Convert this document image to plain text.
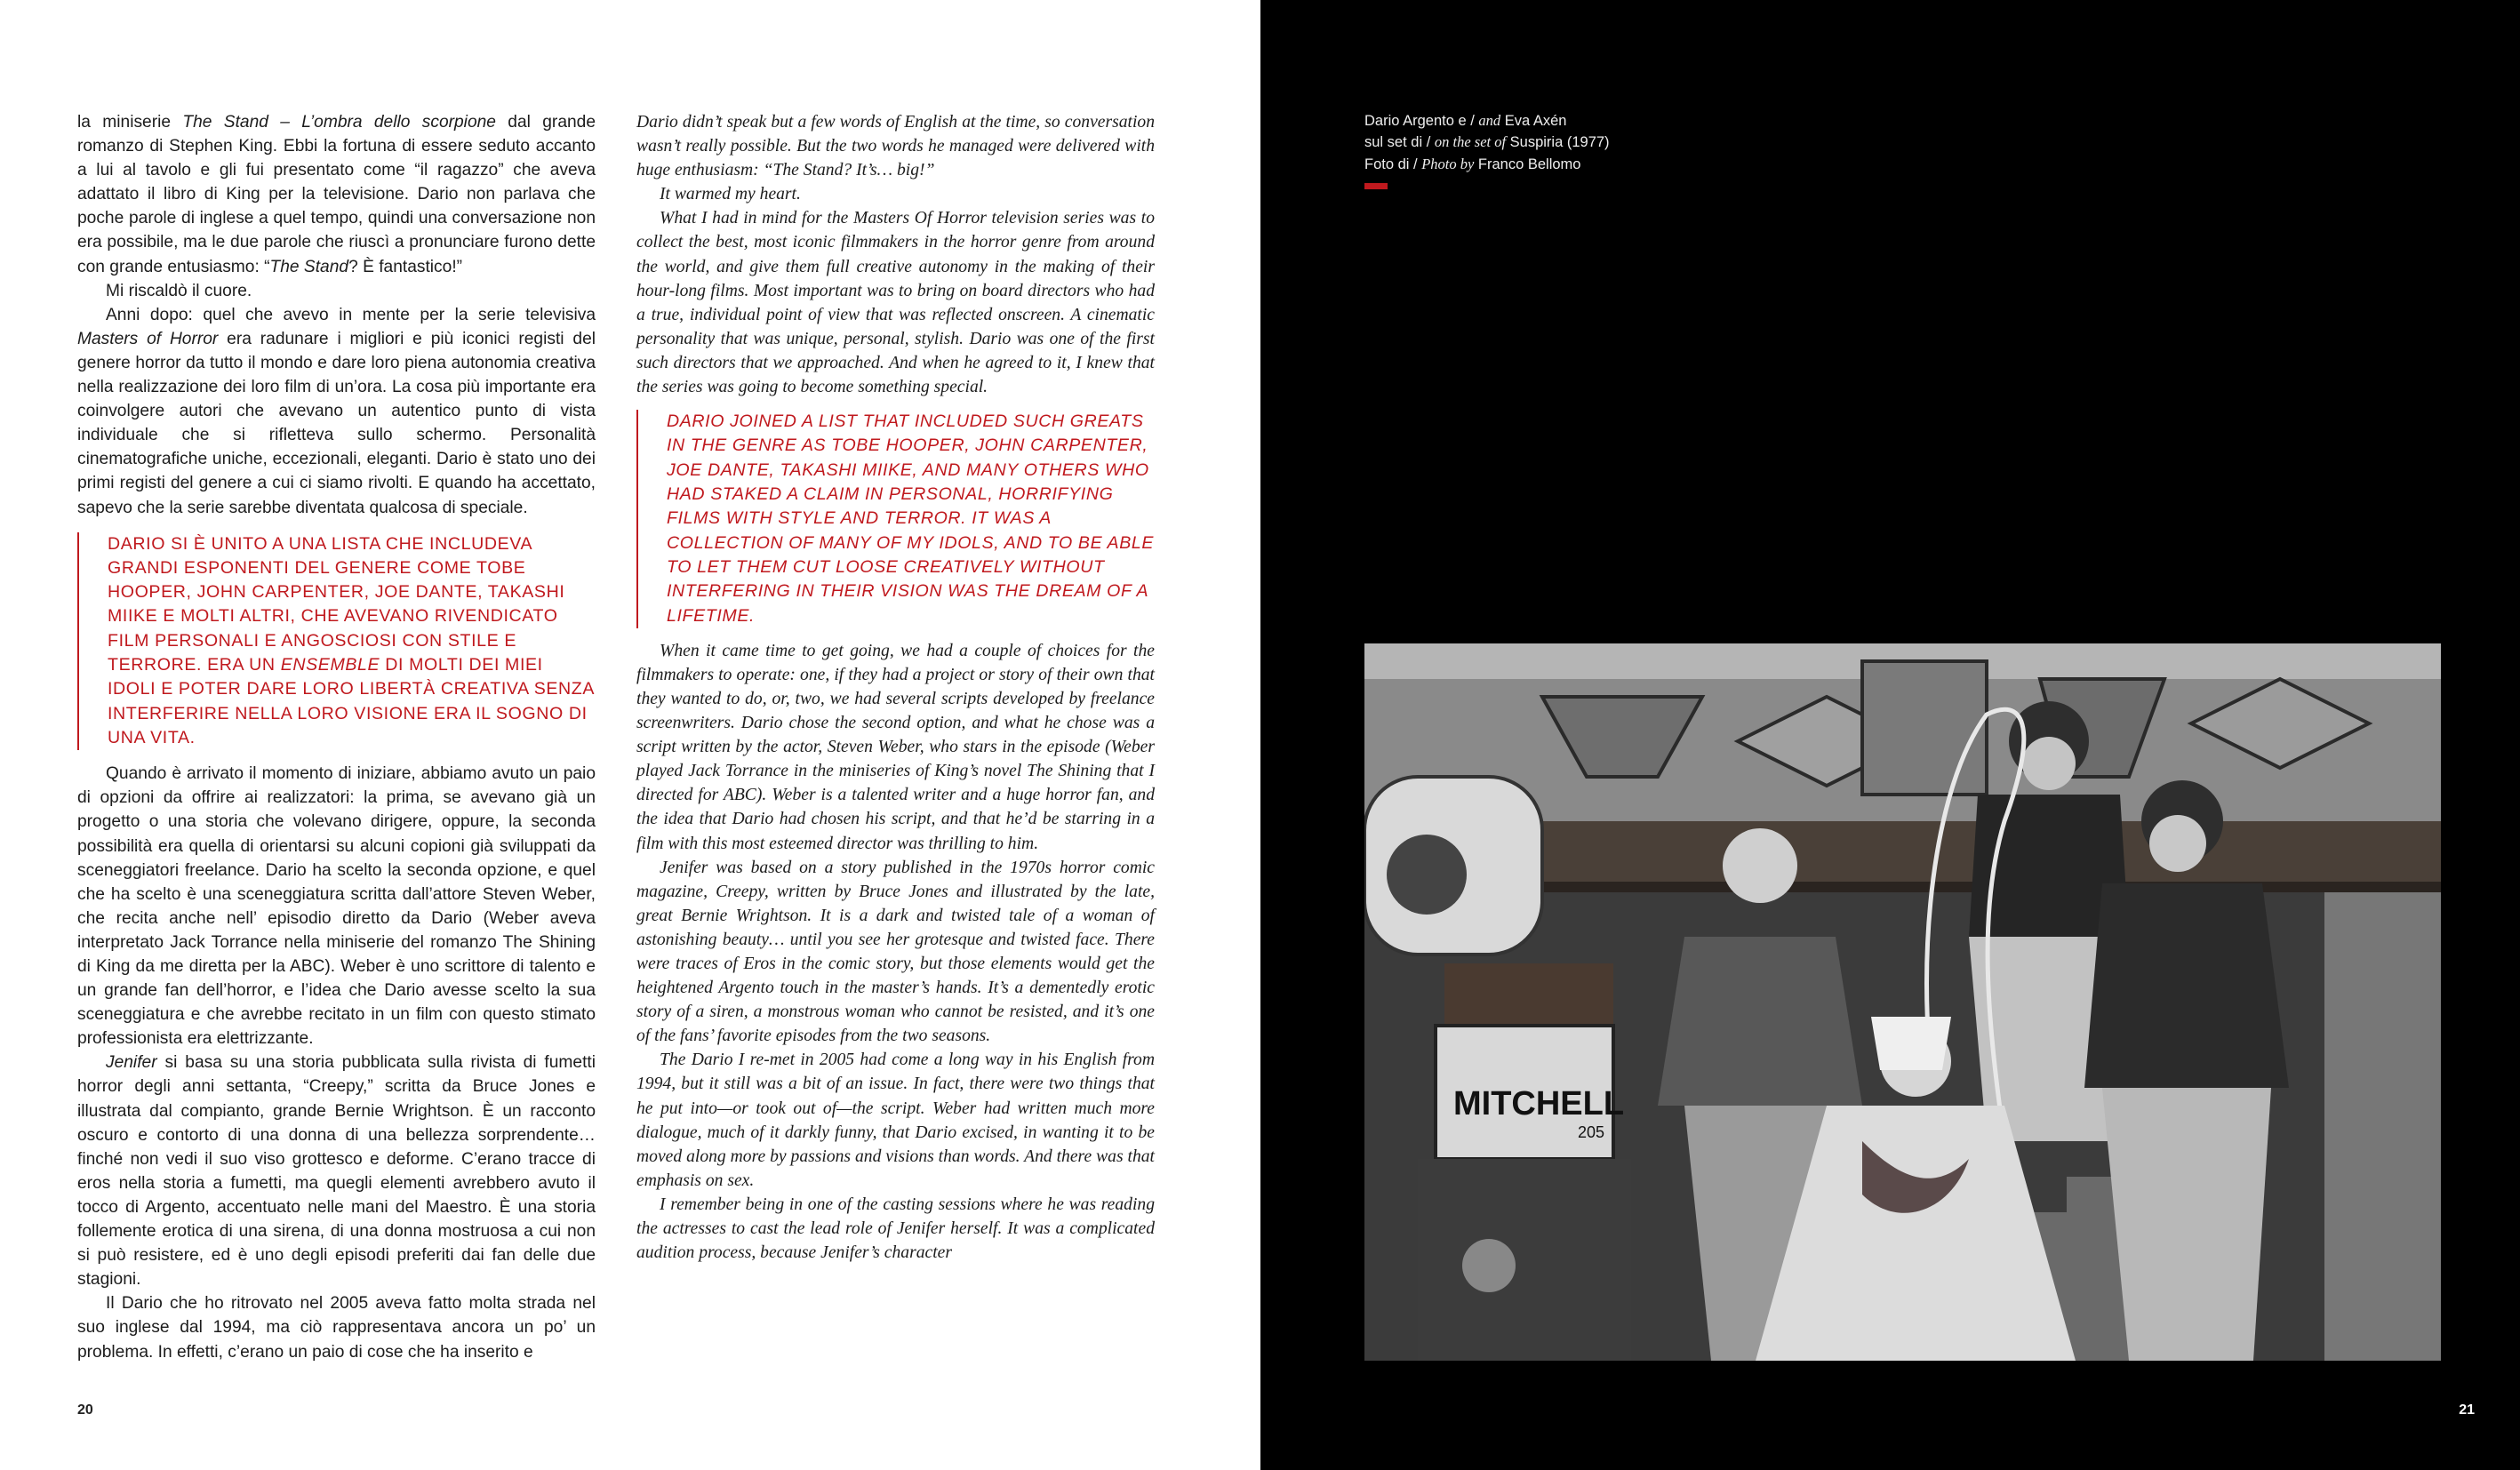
la miniserie The Stand – L’ombra dello scorpione dal grande romanzo di Stephen King. Ebbi la fortuna di essere seduto accanto a lui al tavolo e gli fui presentato come “il ragazzo” che aveva adattato il libro di King per la televisione. Dario non parlava che poche parole di inglese a quel tempo, quindi una conversazione non era possibile, ma le due parole che riuscì a pronunciare furono dette con grande entusiasmo: “The Stand? È fantastico!”

Mi riscaldò il cuore.

Anni dopo: quel che avevo in mente per la serie televisiva Masters of Horror era radunare i migliori e più iconici registi del genere horror da tutto il mondo e dare loro piena autonomia creativa nella realizzazione dei loro film di un’ora. La cosa più importante era coinvolgere autori che avevano un autentico punto di vista individuale che si rifletteva sullo schermo. Personalità cinematografiche uniche, eccezionali, eleganti. Dario è stato uno dei primi registi del genere a cui ci siamo rivolti. E quando ha accettato, sapevo che la serie sarebbe diventata qualcosa di speciale.

DARIO SI È UNITO A UNA LISTA CHE INCLUDEVA GRANDI ESPONENTI DEL GENERE COME TOBE HOOPER, JOHN CARPENTER, JOE DANTE, TAKASHI MIIKE E MOLTI ALTRI, CHE AVEVANO RIVENDICATO FILM PERSONALI E ANGOSCIOSI CON STILE E TERRORE. ERA UN ENSEMBLE DI MOLTI DEI MIEI IDOLI E POTER DARE LORO LIBERTÀ CREATIVA SENZA INTERFERIRE NELLA LORO VISIONE ERA IL SOGNO DI UNA VITA.

Quando è arrivato il momento di iniziare, abbiamo avuto un paio di opzioni da offrire ai realizzatori: la prima, se avevano già un progetto o una storia che volevano dirigere, oppure, la seconda possibilità era quella di orientarsi su alcuni copioni già sviluppati da sceneggiatori freelance. Dario ha scelto la seconda opzione, e quel che ha scelto è una sceneggiatura scritta dall’attore Steven Weber, che recita anche nell’ episodio diretto da Dario (Weber aveva interpretato Jack Torrance nella miniserie del romanzo The Shining di King da me diretta per la ABC). Weber è uno scrittore di talento e un grande fan dell’horror, e l’idea che Dario avesse scelto la sua sceneggiatura e che avrebbe recitato in un film con questo stimato professionista era elettrizzante.

Jenifer si basa su una storia pubblicata sulla rivista di fumetti horror degli anni settanta, “Creepy,” scritta da Bruce Jones e illustrata dal compianto, grande Bernie Wrightson. È un racconto oscuro e contorto di una donna di una bellezza sorprendente… finché non vedi il suo viso grottesco e deforme. C’erano tracce di eros nella storia a fumetti, ma quegli elementi avrebbero avuto il tocco di Argento, accentuato nelle mani del Maestro. È una storia follemente erotica di una sirena, di una donna mostruosa a cui non si può resistere, ed è uno degli episodi preferiti dai fan delle due stagioni.

Il Dario che ho ritrovato nel 2005 aveva fatto molta strada nel suo inglese dal 1994, ma ciò rappresentava ancora un po’ un problema. In effetti, c’erano un paio di cose che ha inserito e

Dario didn’t speak but a few words of English at the time, so conversation wasn’t really possible. But the two words he managed were delivered with huge enthusiasm: “The Stand? It’s… big!”

It warmed my heart.

What I had in mind for the Masters Of Horror television series was to collect the best, most iconic filmmakers in the horror genre from around the world, and give them full creative autonomy in the making of their hour-long films. Most important was to bring on board directors who had a true, individual point of view that was reflected onscreen. A cinematic personality that was unique, personal, stylish. Dario was one of the first such directors that we approached. And when he agreed to it, I knew that the series was going to become something special.

DARIO JOINED A LIST THAT INCLUDED SUCH GREATS IN THE GENRE AS TOBE HOOPER, JOHN CARPENTER, JOE DANTE, TAKASHI MIIKE, AND MANY OTHERS WHO HAD STAKED A CLAIM IN PERSONAL, HORRIFYING FILMS WITH STYLE AND TERROR. IT WAS A COLLECTION OF MANY OF MY IDOLS, AND TO BE ABLE TO LET THEM CUT LOOSE CREATIVELY WITHOUT INTERFERING IN THEIR VISION WAS THE DREAM OF A LIFETIME.

When it came time to get going, we had a couple of choices for the filmmakers to operate: one, if they had a project or story of their own that they wanted to do, or, two, we had several scripts developed by freelance screenwriters. Dario chose the second option, and what he chose was a script written by the actor, Steven Weber, who stars in the episode (Weber played Jack Torrance in the miniseries of King’s novel The Shining that I directed for ABC). Weber is a talented writer and a huge horror fan, and the idea that Dario had chosen his script, and that he’d be starring in a film with this most esteemed director was thrilling to him.

Jenifer was based on a story published in the 1970s horror comic magazine, Creepy, written by Bruce Jones and illustrated by the late, great Bernie Wrightson. It is a dark and twisted tale of a woman of astonishing beauty… until you see her grotesque and twisted face. There were traces of Eros in the comic story, but those elements would get the heightened Argento touch in the master’s hands. It’s a dementedly erotic story of a siren, a monstrous woman who cannot be resisted, and it’s one of the fans’ favorite episodes from the two seasons.

The Dario I re-met in 2005 had come a long way in his English from 1994, but it still was a bit of an issue. In fact, there were two things that he put into—or took out of—the script. Weber had written much more dialogue, much of it darkly funny, that Dario excised, in wanting it to be moved along more by passions and visions than words. And there was that emphasis on sex.

I remember being in one of the casting sessions where he was reading the actresses to cast the lead role of Jenifer herself. It was a complicated audition process, because Jenifer’s character

20
Dario Argento e / and Eva Axén
sul set di / on the set of Suspiria (1977)
Foto di / Photo by Franco Bellomo
MITCHELL
205
21
